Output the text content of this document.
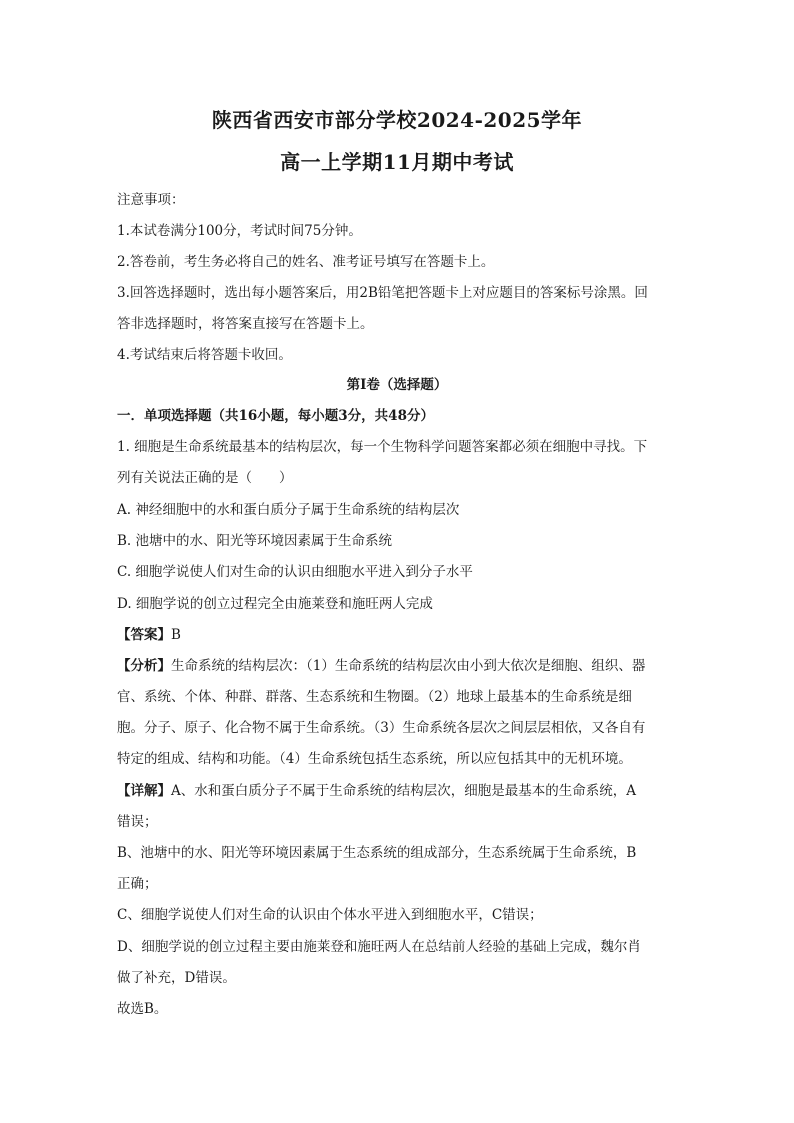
陕西省西安市部分学校2024-2025学年
高一上学期11月期中考试
注意事项：
1.本试卷满分100分，考试时间75分钟。
2.答卷前，考生务必将自己的姓名、准考证号填写在答题卡上。
3.回答选择题时，选出每小题答案后，用2B铅笔把答题卡上对应题目的答案标号涂黑。回
答非选择题时，将答案直接写在答题卡上。
4.考试结束后将答题卡收回。
第I卷（选择题）
一．单项选择题（共16小题，每小题3分，共48分）
1. 细胞是生命系统最基本的结构层次，每一个生物科学问题答案都必须在细胞中寻找。下
列有关说法正确的是（　　）
A. 神经细胞中的水和蛋白质分子属于生命系统的结构层次
B. 池塘中的水、阳光等环境因素属于生命系统
C. 细胞学说使人们对生命的认识由细胞水平进入到分子水平
D. 细胞学说的创立过程完全由施莱登和施旺两人完成
【答案】B
【分析】生命系统的结构层次：（1）生命系统的结构层次由小到大依次是细胞、组织、器
官、系统、个体、种群、群落、生态系统和生物圈。（2）地球上最基本的生命系统是细
胞。分子、原子、化合物不属于生命系统。（3）生命系统各层次之间层层相依，又各自有
特定的组成、结构和功能。（4）生命系统包括生态系统，所以应包括其中的无机环境。
【详解】A、水和蛋白质分子不属于生命系统的结构层次，细胞是最基本的生命系统，A
错误；
B、池塘中的水、阳光等环境因素属于生态系统的组成部分，生态系统属于生命系统，B
正确；
C、细胞学说使人们对生命的认识由个体水平进入到细胞水平，C错误；
D、细胞学说的创立过程主要由施莱登和施旺两人在总结前人经验的基础上完成，魏尔肖
做了补充，D错误。
故选B。
